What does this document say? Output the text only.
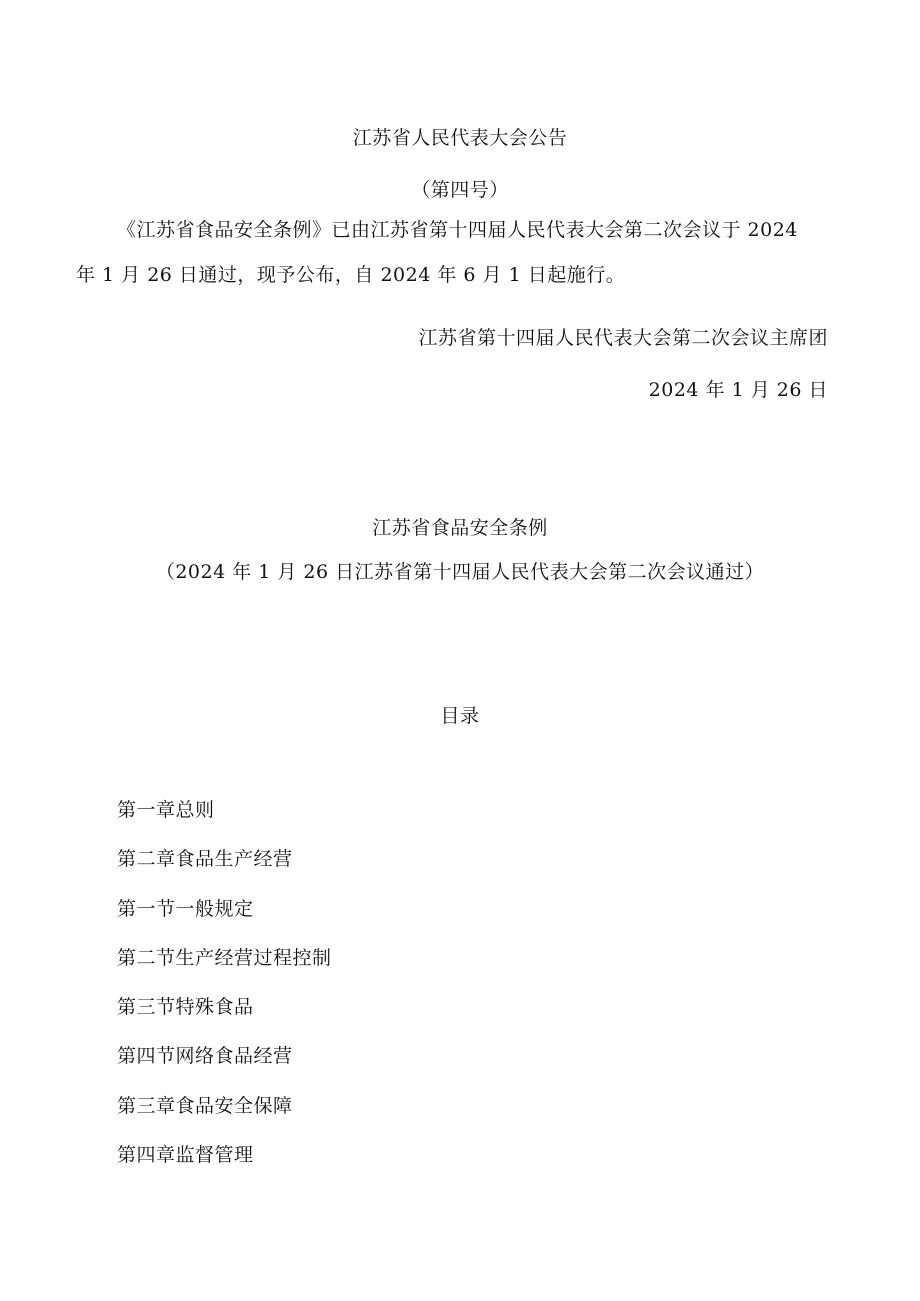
江苏省人民代表大会公告
（第四号）
《江苏省食品安全条例》已由江苏省第十四届人民代表大会第二次会议于 2024
年 1 月 26 日通过，现予公布，自 2024 年 6 月 1 日起施行。
江苏省第十四届人民代表大会第二次会议主席团
2024 年 1 月 26 日
江苏省食品安全条例
（2024 年 1 月 26 日江苏省第十四届人民代表大会第二次会议通过）
目录
第一章总则
第二章食品生产经营
第一节一般规定
第二节生产经营过程控制
第三节特殊食品
第四节网络食品经营
第三章食品安全保障
第四章监督管理
